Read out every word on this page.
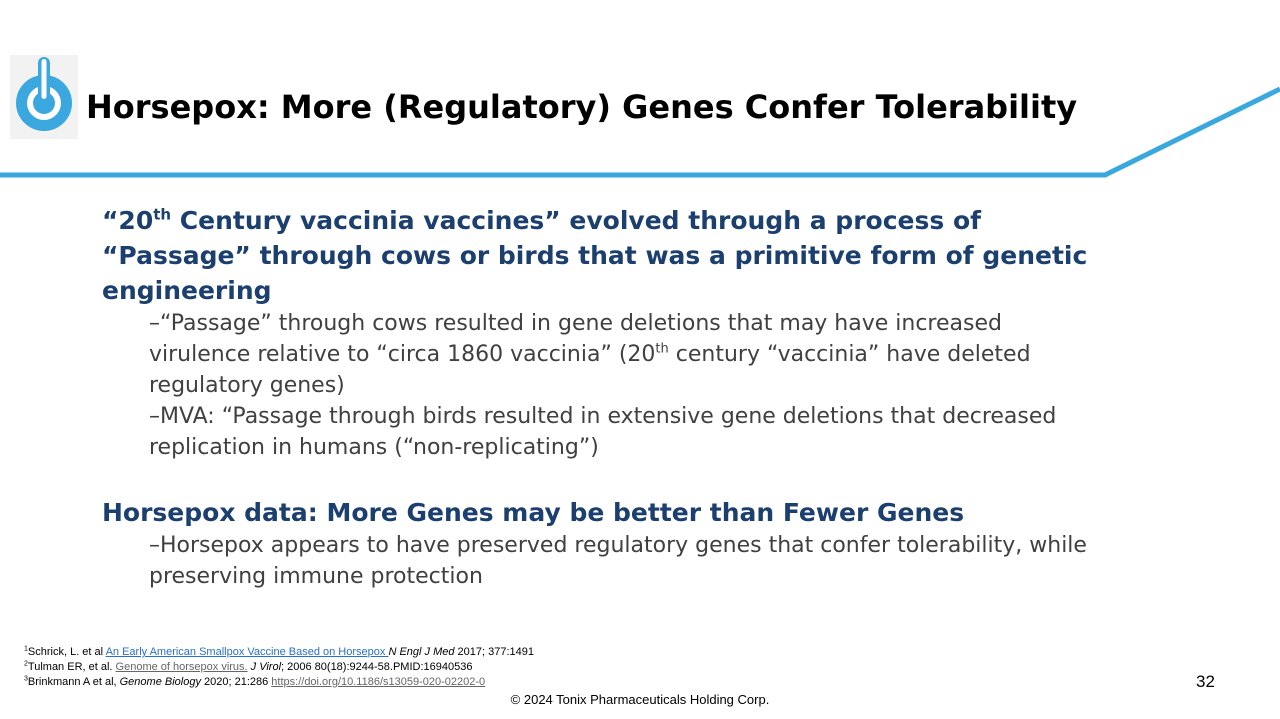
Horsepox: More (Regulatory) Genes Confer Tolerability

“20th Century vaccinia vaccines” evolved through a process of “Passage” through cows or birds that was a primitive form of genetic engineering

–“Passage” through cows resulted in gene deletions that may have increased virulence relative to “circa 1860 vaccinia” (20th century “vaccinia” have deleted regulatory genes)

–MVA: “Passage through birds resulted in extensive gene deletions that decreased replication in humans (“non-replicating”)

Horsepox data: More Genes may be better than Fewer Genes

–Horsepox appears to have preserved regulatory genes that confer tolerability, while preserving immune protection

$^1$Schrick, L. et al An Early American Smallpox Vaccine Based on Horsepox N Engl J Med 2017; 377:1491
$^2$Tulman ER, et al. Genome of horsepox virus. J Virol; 2006 80(18):9244-58.PMID:16940536
$^3$Brinkmann A et al, Genome Biology 2020; 21:286 https://doi.org/10.1186/s13059-020-02202-0	32
© 2024 Tonix Pharmaceuticals Holding Corp.
